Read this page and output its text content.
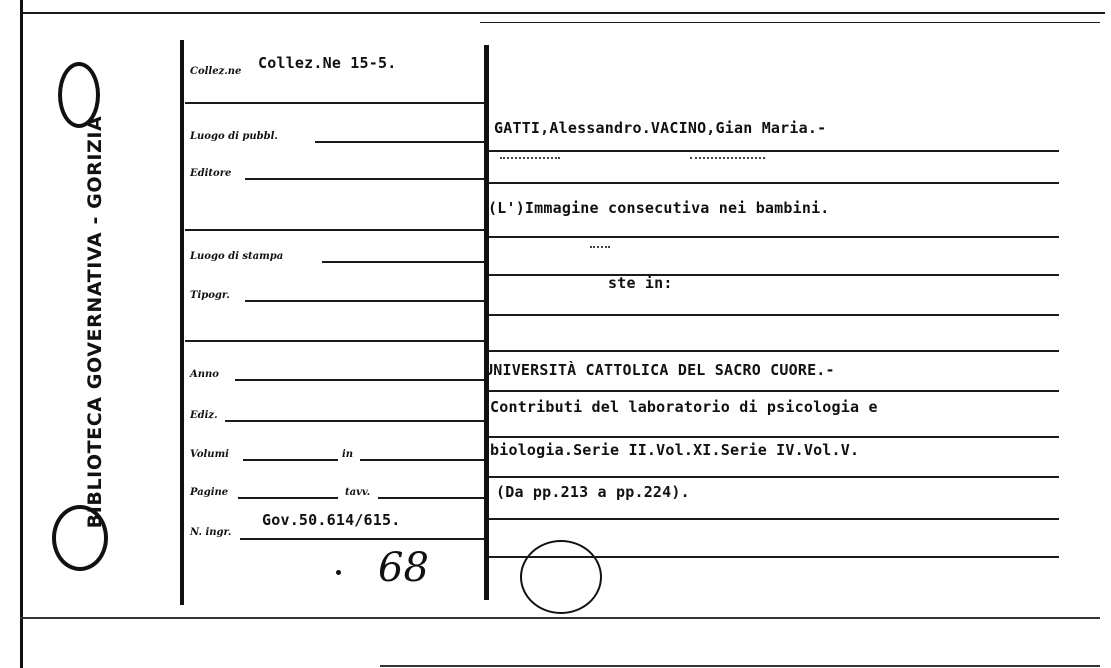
BIBLIOTECA GOVERNATIVA - GORIZIA
Collez.ne Collez.Ne 15-5.
Luogo di pubbl.
Editore
Luogo di stampa
Tipogr.
Anno
Ediz.
Volumi	in
Pagine	tavv.
N. ingr.
Gov.50.614/615.
68
GATTI,Alessandro.VACINO,Gian Maria.-
(L')Immagine consecutiva nei bambini.
ste in:
UNIVERSITÀ CATTOLICA DEL SACRO CUORE.-
Contributi del laboratorio di psicologia e
biologia.Serie II.Vol.XI.Serie IV.Vol.V.
(Da pp.213 a pp.224).
